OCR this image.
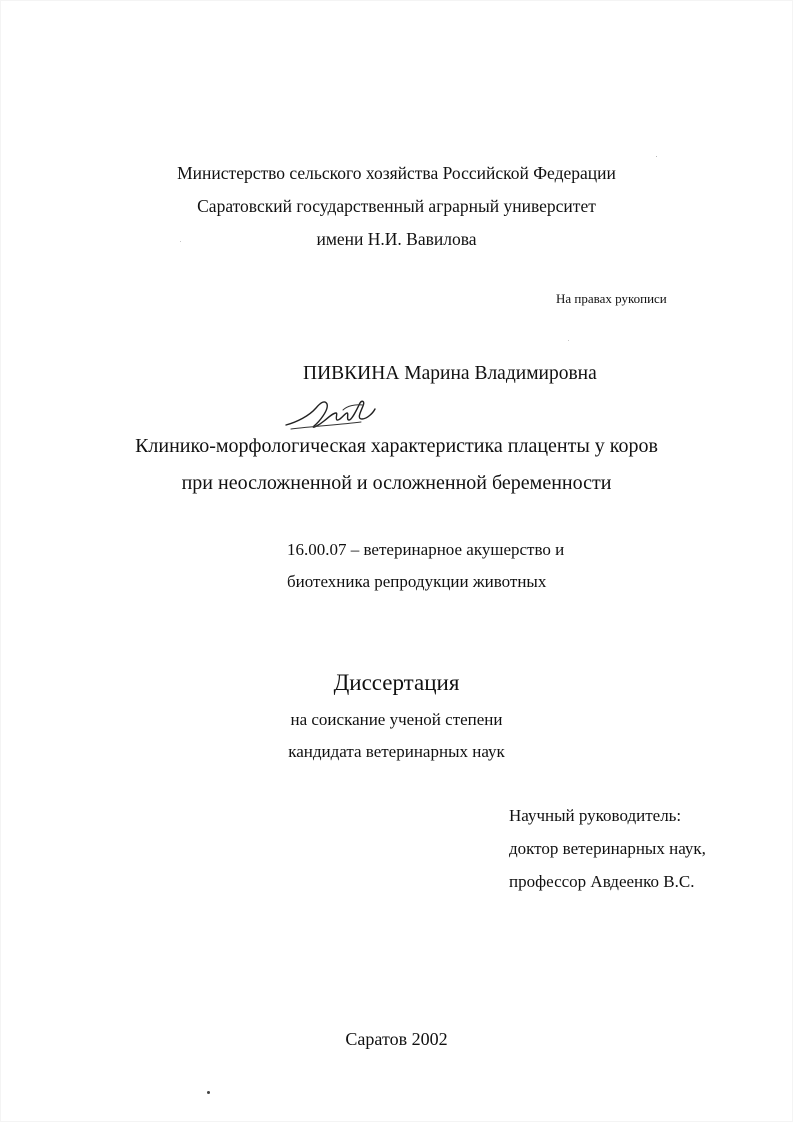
Министерство сельского хозяйства Российской Федерации
Саратовский государственный аграрный университет
имени Н.И. Вавилова
На правах рукописи
ПИВКИНА Марина Владимировна
Клинико-морфологическая характеристика плаценты у коров
при неосложненной и осложненной беременности
16.00.07 – ветеринарное акушерство и
биотехника репродукции животных
Диссертация
на соискание ученой степени
кандидата ветеринарных наук
Научный руководитель:
доктор ветеринарных наук,
профессор Авдеенко В.С.
Саратов 2002
